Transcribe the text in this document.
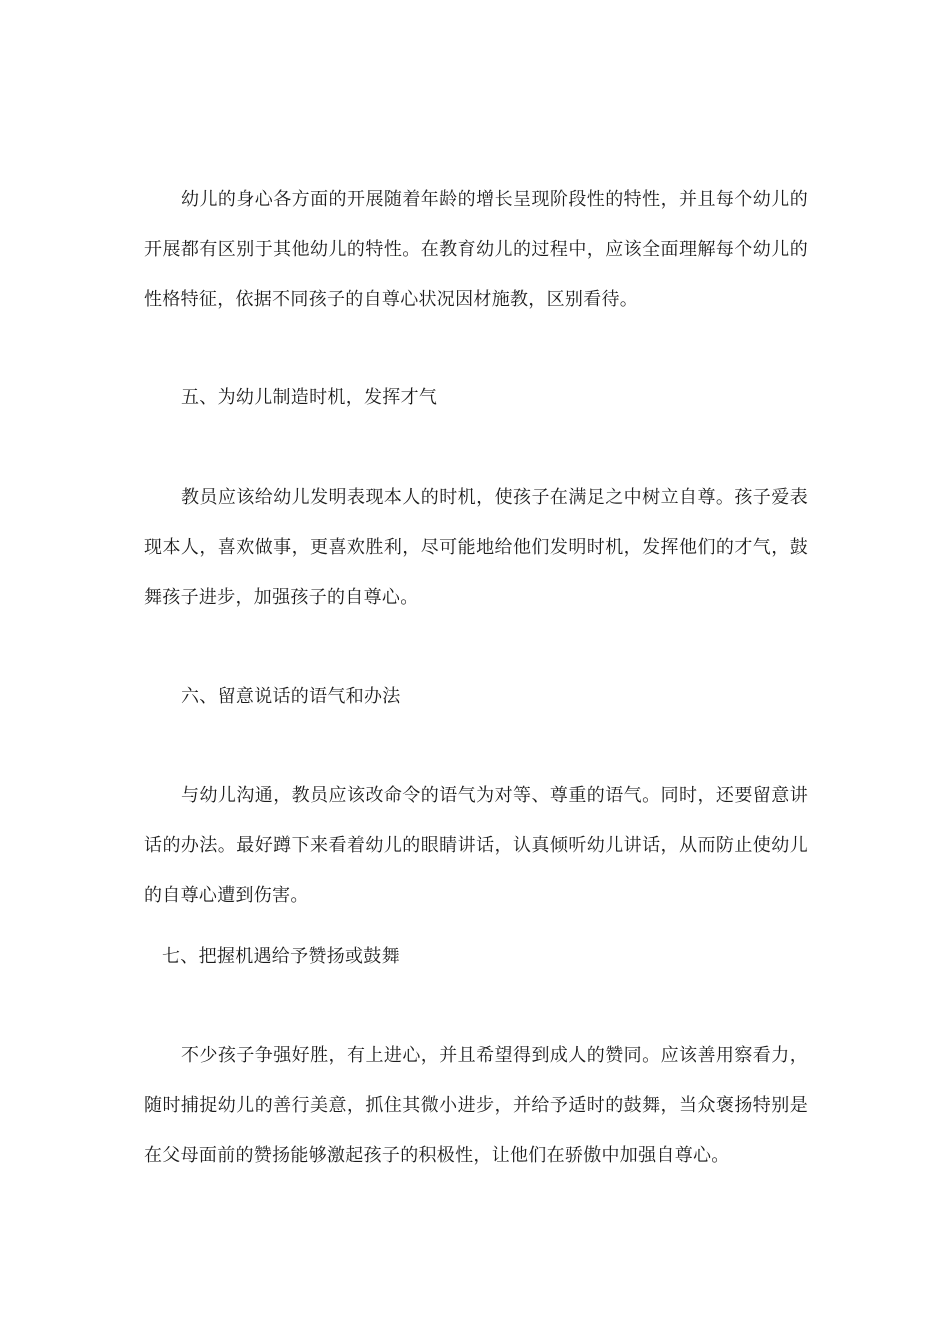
幼儿的身心各方面的开展随着年龄的增长呈现阶段性的特性，并且每个幼儿的开展都有区别于其他幼儿的特性。在教育幼儿的过程中，应该全面理解每个幼儿的性格特征，依据不同孩子的自尊心状况因材施教，区别看待。

五、为幼儿制造时机，发挥才气

教员应该给幼儿发明表现本人的时机，使孩子在满足之中树立自尊。孩子爱表现本人，喜欢做事，更喜欢胜利，尽可能地给他们发明时机，发挥他们的才气，鼓舞孩子进步，加强孩子的自尊心。

六、留意说话的语气和办法

与幼儿沟通，教员应该改命令的语气为对等、尊重的语气。同时，还要留意讲话的办法。最好蹲下来看着幼儿的眼睛讲话，认真倾听幼儿讲话，从而防止使幼儿的自尊心遭到伤害。

七、把握机遇给予赞扬或鼓舞

不少孩子争强好胜，有上进心，并且希望得到成人的赞同。应该善用察看力，随时捕捉幼儿的善行美意，抓住其微小进步，并给予适时的鼓舞，当众褒扬特别是在父母面前的赞扬能够激起孩子的积极性，让他们在骄傲中加强自尊心。
